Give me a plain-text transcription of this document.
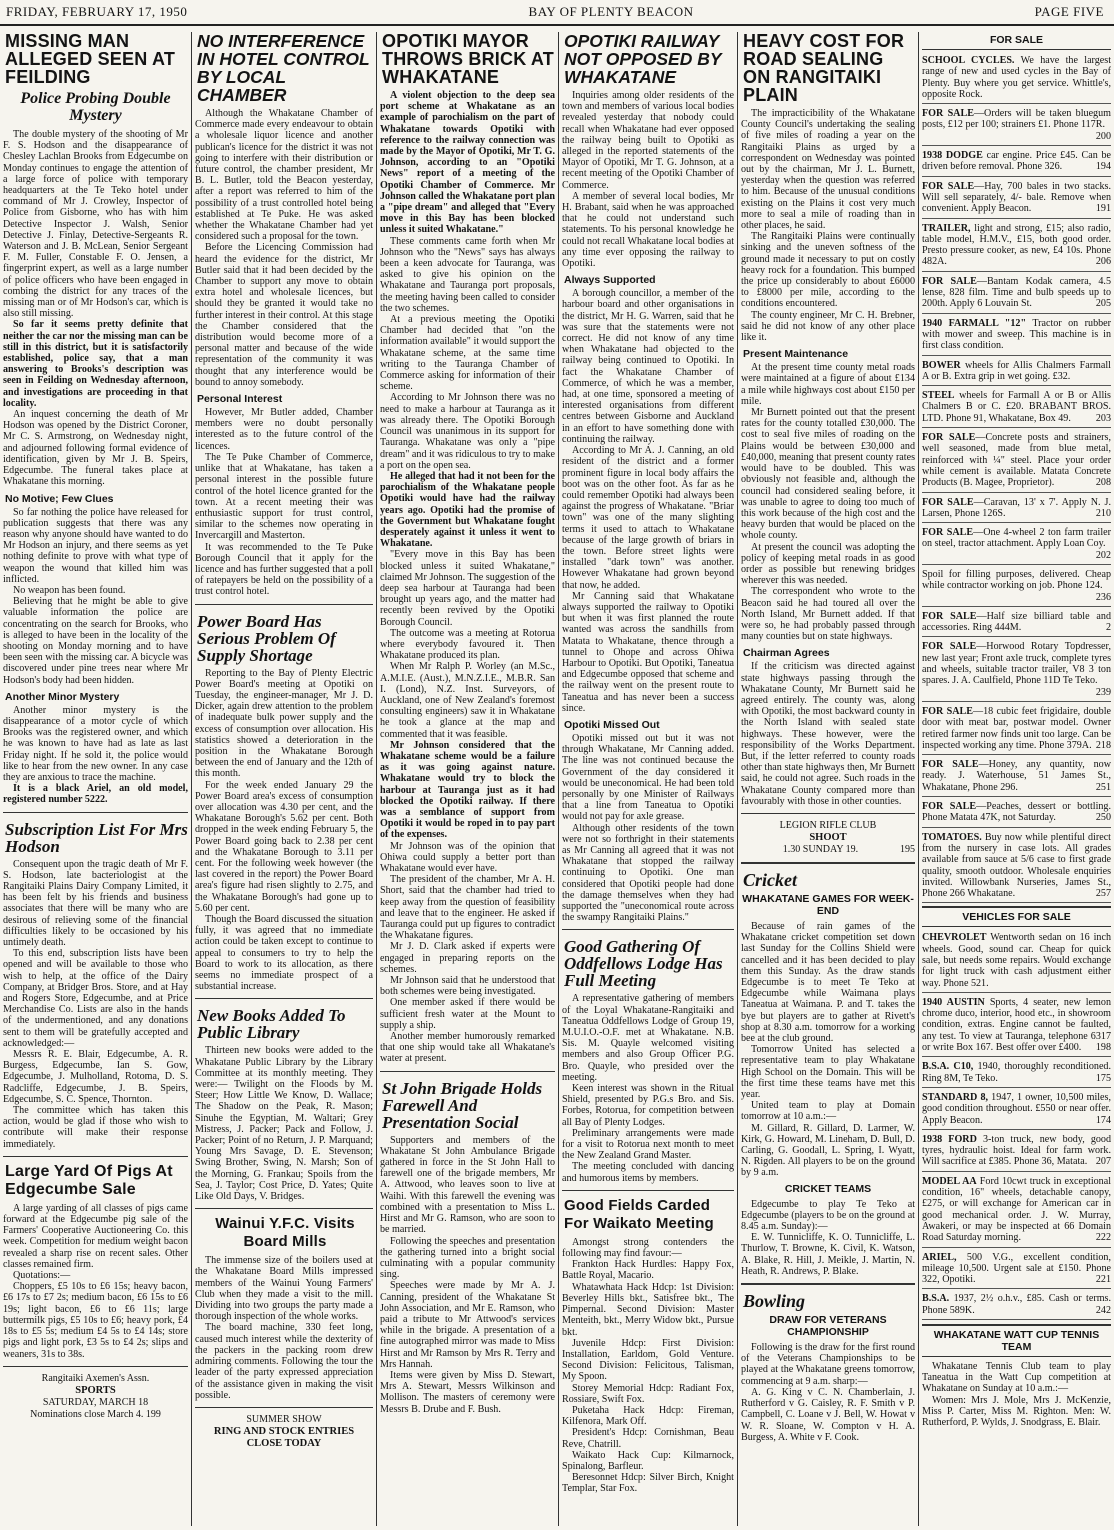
FRIDAY, FEBRUARY 17, 1950	BAY OF PLENTY BEACON	PAGE FIVE
MISSING MAN ALLEGED SEEN AT FEILDING
Police Probing Double Mystery

The double mystery of the shooting of Mr F. S. Hodson and the disappearance of Chesley Lachlan Brooks from Edgecumbe on Monday continues to engage the attention of a large force of police with temporary headquarters at the Te Teko hotel under command of Mr J. Crowley, Inspector of Police from Gisborne, who has with him Detective Inspector J. Walsh, Senior Detective J. Finlay, Detective-Sergeants R. Waterson and J. B. McLean, Senior Sergeant F. M. Fuller, Constable F. O. Jensen, a fingerprint expert, as well as a large number of police officers who have been engaged in combing the district for any traces of the missing man or of Mr Hodson's car, which is also still missing.

So far it seems pretty definite that neither the car nor the missing man can be still in this district, but it is satisfactorily established, police say, that a man answering to Brooks's description was seen in Feilding on Wednesday afternoon, and investigations are proceeding in that locality.

An inquest concerning the death of Mr Hodson was opened by the District Coroner, Mr C. S. Armstrong, on Wednesday night, and adjourned following formal evidence of identification, given by Mr J. B. Speirs, Edgecumbe. The funeral takes place at Whakatane this morning.

No Motive; Few Clues

So far nothing the police have released for publication suggests that there was any reason why anyone should have wanted to do Mr Hodson an injury, and there seems as yet nothing definite to prove with what type of weapon the wound that killed him was inflicted.

No weapon has been found.

Believing that he might be able to give valuable information the police are concentrating on the search for Brooks, who is alleged to have been in the locality of the shooting on Monday morning and to have been seen with the missing car. A bicycle was discovered under pine trees near where Mr Hodson's body had been hidden.

Another Minor Mystery

Another minor mystery is the disappearance of a motor cycle of which Brooks was the registered owner, and which he was known to have had as late as last Friday night. If he sold it, the police would like to hear from the new owner. In any case they are anxious to trace the machine.

It is a black Ariel, an old model, registered number 5222.

Subscription List For Mrs Hodson

Consequent upon the tragic death of Mr F. S. Hodson, late bacteriologist at the Rangitaiki Plains Dairy Company Limited, it has been felt by his friends and business associates that there will be many who are desirous of relieving some of the financial difficulties likely to be occasioned by his untimely death.

To this end, subscription lists have been opened and will be available to those who wish to help, at the office of the Dairy Company, at Bridger Bros. Store, and at Hay and Rogers Store, Edgecumbe, and at Price Merchandise Co. Lists are also in the hands of the undermentioned, and any donations sent to them will be gratefully accepted and acknowledged:—

Messrs R. E. Blair, Edgecumbe, A. R. Burgess, Edgecumbe, Ian S. Gow, Edgecumbe, J. Mulholland, Rotoma, D. S. Radcliffe, Edgecumbe, J. B. Speirs, Edgecumbe, S. C. Spence, Thornton.

The committee which has taken this action, would be glad if those who wish to contribute will make their response immediately.

Large Yard Of Pigs At Edgecumbe Sale

A large yarding of all classes of pigs came forward at the Edgecumbe pig sale of the Farmers' Cooperative Auctioneering Co. this week. Competition for medium weight bacon revealed a sharp rise on recent sales. Other classes remained firm.

Quotations:—

Choppers, £5 10s to £6 15s; heavy bacon, £6 17s to £7 2s; medium bacon, £6 15s to £6 19s; light bacon, £6 to £6 11s; large buttermilk pigs, £5 10s to £6; heavy pork, £4 18s to £5 5s; medium £4 5s to £4 14s; store pigs and light pork, £3 5s to £4 2s; slips and weaners, 31s to 38s.

Rangitaiki Axemen's Assn.
SPORTS
SATURDAY, MARCH 18
Nominations close March 4. 199
NO INTERFERENCE IN HOTEL CONTROL BY LOCAL CHAMBER

Although the Whakatane Chamber of Commerce made every endeavour to obtain a wholesale liquor licence and another publican's licence for the district it was not going to interfere with their distribution or future control, the chamber president, Mr B. L. Butler, told the Beacon yesterday, after a report was referred to him of the possibility of a trust controlled hotel being established at Te Puke. He was asked whether the Whakatane Chamber had yet considered such a proposal for the town.

Before the Licencing Commission had heard the evidence for the district, Mr Butler said that it had been decided by the Chamber to support any move to obtain extra hotel and wholesale licences, but should they be granted it would take no further interest in their control. At this stage the Chamber considered that the distribution would become more of a personal matter and because of the wide representation of the community it was thought that any interference would be bound to annoy somebody.

Personal Interest

However, Mr Butler added, Chamber members were no doubt personally interested as to the future control of the licences.

The Te Puke Chamber of Commerce, unlike that at Whakatane, has taken a personal interest in the possible future control of the hotel licence granted for the town. At a recent meeting their was enthusiastic support for trust control, similar to the schemes now operating in Invercargill and Masterton.

It was recommended to the Te Puke Borough Council that it apply for the licence and has further suggested that a poll of ratepayers be held on the possibility of a trust control hotel.

Power Board Has Serious Problem Of Supply Shortage

Reporting to the Bay of Plenty Electric Power Board's meeting at Opotiki on Tuesday, the engineer-manager, Mr J. D. Dicker, again drew attention to the problem of inadequate bulk power supply and the excess of consumption over allocation. His statistics showed a deterioration in the position in the Whakatane Borough between the end of January and the 12th of this month.

For the week ended January 29 the Power Board area's excess of consumption over allocation was 4.30 per cent, and the Whakatane Borough's 5.62 per cent. Both dropped in the week ending February 5, the Power Board going back to 2.38 per cent and the Whakatane Borough to 3.11 per cent. For the following week however (the last covered in the report) the Power Board area's figure had risen slightly to 2.75, and the Whakatane Borough's had gone up to 5.60 per cent.

Though the Board discussed the situation fully, it was agreed that no immediate action could be taken except to continue to appeal to consumers to try to help the Board to work to its allocation, as there seems no immediate prospect of a substantial increase.

New Books Added To Public Library

Thirteen new books were added to the Whakatane Public Library by the Library Committee at its monthly meeting. They were:— Twilight on the Floods by M. Steer; How Little We Know, D. Wallace; The Shadow on the Peak, R. Mason; Sinuhe the Egyptian, M. Waltari; Grey Mistress, J. Packer; Pack and Follow, J. Packer; Point of no Return, J. P. Marquand; Young Mrs Savage, D. E. Stevenson; Swing Brother, Swing, N. Marsh; Son of the Morning, G. Frankau; Spoils from the Sea, J. Taylor; Cost Price, D. Yates; Quite Like Old Days, V. Bridges.

Wainui Y.F.C. Visits Board Mills

The immense size of the boilers used at the Whakatane Board Mills impressed members of the Wainui Young Farmers' Club when they made a visit to the mill. Dividing into two groups the party made a thorough inspection of the whole works.

The board machine, 330 feet long, caused much interest while the dexterity of the packers in the packing room drew admiring comments. Following the tour the leader of the party expressed appreciation of the assistance given in making the visit possible.

SUMMER SHOW
RING AND STOCK ENTRIES
CLOSE TODAY
OPOTIKI MAYOR THROWS BRICK AT WHAKATANE

A violent objection to the deep sea port scheme at Whakatane as an example of parochialism on the part of Whakatane towards Opotiki with reference to the railway connection was made by the Mayor of Opotiki, Mr T. G. Johnson, according to an "Opotiki News" report of a meeting of the Opotiki Chamber of Commerce. Mr Johnson called the Whakatane port plan a "pipe dream" and alleged that "Every move in this Bay has been blocked unless it suited Whakatane."

These comments came forth when Mr Johnson who the "News" says has always been a keen advocate for Tauranga, was asked to give his opinion on the Whakatane and Tauranga port proposals, the meeting having been called to consider the two schemes.

At a previous meeting the Opotiki Chamber had decided that "on the information available" it would support the Whakatane scheme, at the same time writing to the Tauranga Chamber of Commerce asking for information of their scheme.

According to Mr Johnson there was no need to make a harbour at Tauranga as it was already there. The Opotiki Borough Council was unanimous in its support for Tauranga. Whakatane was only a "pipe dream" and it was ridiculous to try to make a port on the open sea.

He alleged that had it not been for the parochialism of the Whakatane people Opotiki would have had the railway years ago. Opotiki had the promise of the Government but Whakatane fought desperately against it unless it went to Whakatane.

"Every move in this Bay has been blocked unless it suited Whakatane," claimed Mr Johnson. The suggestion of the deep sea harbour at Tauranga had been brought up years ago, and the matter had recently been revived by the Opotiki Borough Council.

The outcome was a meeting at Rotorua where everybody favoured it. Then Whakatane produced its plan.

When Mr Ralph P. Worley (an M.Sc., A.M.I.E. (Aust.), M.N.Z.I.E., M.B.R. San I. (Lond), N.Z. Inst. Surveyors, of Auckland, one of New Zealand's foremost consulting engineers) saw it in Whakatane he took a glance at the map and commented that it was feasible.

Mr Johnson considered that the Whakatane scheme would be a failure as it was going against nature. Whakatane would try to block the harbour at Tauranga just as it had blocked the Opotiki railway. If there was a semblance of support from Opotiki it would be roped in to pay part of the expenses.

Mr Johnson was of the opinion that Ohiwa could supply a better port than Whakatane would ever have.

The president of the chamber, Mr A. H. Short, said that the chamber had tried to keep away from the question of feasibility and leave that to the engineer. He asked if Tauranga could put up figures to contradict the Whakatane figures.

Mr J. D. Clark asked if experts were engaged in preparing reports on the schemes.

Mr Johnson said that he understood that both schemes were being investigated.

One member asked if there would be sufficient fresh water at the Mount to supply a ship.

Another member humorously remarked that one ship would take all Whakatane's water at present.

St John Brigade Holds Farewell And Presentation Social

Supporters and members of the Whakatane St John Ambulance Brigade gathered in force in the St John Hall to farewell one of the brigade members, Mr A. Attwood, who leaves soon to live at Waihi. With this farewell the evening was combined with a presentation to Miss L. Hirst and Mr G. Ramson, who are soon to be married.

Following the speeches and presentation the gathering turned into a bright social culminating with a popular community sing.

Speeches were made by Mr A. J. Canning, president of the Whakatane St John Association, and Mr E. Ramson, who paid a tribute to Mr Attwood's services while in the brigade. A presentation of a fine autographed mirror was made to Miss Hirst and Mr Ramson by Mrs R. Terry and Mrs Hannah.

Items were given by Miss D. Stewart, Mrs A. Stewart, Messrs Wilkinson and Mollison. The masters of ceremony were Messrs B. Drube and F. Bush.

OPOTIKI RAILWAY NOT OPPOSED BY WHAKATANE

Inquiries among older residents of the town and members of various local bodies revealed yesterday that nobody could recall when Whakatane had ever opposed the railway being built to Opotiki as alleged in the reported statements of the Mayor of Opotiki, Mr T. G. Johnson, at a recent meeting of the Opotiki Chamber of Commerce.

A member of several local bodies, Mr H. Brabant, said when he was approached that he could not understand such statements. To his personal knowledge he could not recall Whakatane local bodies at any time ever opposing the railway to Opotiki.

Always Supported

A borough councillor, a member of the harbour board and other organisations in the district, Mr H. G. Warren, said that he was sure that the statements were not correct. He did not know of any time when Whakatane had objected to the railway being continued to Opotiki. In fact the Whakatane Chamber of Commerce, of which he was a member, had, at one time, sponsored a meeting of interested organisations from different centres between Gisborne and Auckland in an effort to have something done with continuing the railway.

According to Mr A. J. Canning, an old resident of the district and a former prominent figure in local body affairs the boot was on the other foot. As far as he could remember Opotiki had always been against the progress of Whakatane. "Briar town" was one of the many slighting terms it used to attach to Whakatane because of the large growth of briars in the town. Before street lights were installed "dark town" was another. However Whakatane had grown beyond that now, he added.

Mr Canning said that Whakatane always supported the railway to Opotiki but when it was first planned the route wanted was across the sandhills from Matata to Whakatane, thence through a tunnel to Ohope and across Ohiwa Harbour to Opotiki. But Opotiki, Taneatua and Edgecumbe opposed that scheme and the railway went on the present route to Taneatua and has never been a success since.

Opotiki Missed Out

Opotiki missed out but it was not through Whakatane, Mr Canning added. The line was not continued because the Government of the day considered it would be uneconomical. He had been told personally by one Minister of Railways that a line from Taneatua to Opotiki would not pay for axle grease.

Although other residents of the town were not so forthright in their statements as Mr Canning all agreed that it was not Whakatane that stopped the railway continuing to Opotiki. One man considered that Opotiki people had done the damage themselves when they had supported the "uneconomical route across the swampy Rangitaiki Plains."

Good Gathering Of Oddfellows Lodge Has Full Meeting

A representative gathering of members of the Loyal Whakatane-Rangitaiki and Taneatua Oddfellows Lodge of Group 19, M.U.I.O.-O.F. met at Whakatane. N.B. Sis. M. Quayle welcomed visiting members and also Group Officer P.G. Bro. Quayle, who presided over the meeting.

Keen interest was shown in the Ritual Shield, presented by P.G.s Bro. and Sis. Forbes, Rotorua, for competition between all Bay of Plenty Lodges.

Preliminary arrangements were made for a visit to Rotorua next month to meet the New Zealand Grand Master.

The meeting concluded with dancing and humorous items by members.

Good Fields Carded For Waikato Meeting

Amongst strong contenders the following may find favour:—

Frankton Hack Hurdles: Happy Fox, Battle Royal, Macario.

Whatawhata Hack Hdcp: 1st Division: Beverley Hills bkt., Satisfree bkt., The Pimpernal. Second Division: Master Menteith, bkt., Merry Widow bkt., Pursue bkt.

Juvenile Hdcp: First Division: Installation, Earldom, Gold Venture. Second Division: Felicitous, Talisman, My Spoon.

Storey Memorial Hdcp: Radiant Fox, Rossiare, Swift Fox.

Puketaha Hack Hdcp: Fireman, Kilfenora, Mark Off.

President's Hdcp: Cornishman, Beau Reve, Chatrill.

Waikato Hack Cup: Kilmarnock, Spinalong, Barfleur.

Beresonnet Hdcp: Silver Birch, Knight Templar, Star Fox.

HEAVY COST FOR ROAD SEALING ON RANGITAIKI PLAIN

The impracticibility of the Whakatane County Council's undertaking the sealing of five miles of roading a year on the Rangitaiki Plains as urged by a correspondent on Wednesday was pointed out by the chairman, Mr J. L. Burnett, yesterday when the question was referred to him. Because of the unusual conditions existing on the Plains it cost very much more to seal a mile of roading than in other places, he said.

The Rangitaiki Plains were continually sinking and the uneven softness of the ground made it necessary to put on costly heavy rock for a foundation. This bumped the price up considerably to about £6000 to £8000 per mile, according to the conditions encountered.

The county engineer, Mr C. H. Brebner, said he did not know of any other place like it.

Present Maintenance

At the present time county metal roads were maintained at a figure of about £134 a mile while highways cost about £150 per mile.

Mr Burnett pointed out that the present rates for the county totalled £30,000. The cost to seal five miles of roading on the Plains would be between £30,000 and £40,000, meaning that present county rates would have to be doubled. This was obviously not feasible and, although the council had considered sealing before, it was unable to agree to doing too much of this work because of the high cost and the heavy burden that would be placed on the whole county.

At present the council was adopting the policy of keeping metal roads in as good order as possible but renewing bridges wherever this was needed.

The correspondent who wrote to the Beacon said he had toured all over the North Island, Mr Burnett added. If that were so, he had probably passed through many counties but on state highways.

Chairman Agrees

If the criticism was directed against state highways passing through the Whakatane County, Mr Burnett said he agreed entirely. The county was, along with Opotiki, the most backward county in the North Island with sealed state highways. These however, were the responsibility of the Works Department. But, if the letter referred to county roads other than state highways then, Mr Burnett said, he could not agree. Such roads in the Whakatane County compared more than favourably with those in other counties.

LEGION RIFLE CLUB
SHOOT
1.30 SUNDAY 19.	195
Cricket
WHAKATANE GAMES FOR WEEK-END

Because of rain games of the Whakatane cricket competition set down last Sunday for the Collins Shield were cancelled and it has been decided to play them this Sunday. As the draw stands Edgecumbe is to meet Te Teko at Edgecumbe while Waimana plays Taneatua at Waimana. P. and T. takes the bye but players are to gather at Rivett's shop at 8.30 a.m. tomorrow for a working bee at the club ground.

Tomorrow United has selected a representative team to play Whakatane High School on the Domain. This will be the first time these teams have met this year.

United team to play at Domain tomorrow at 10 a.m.:—

M. Gillard, R. Gillard, D. Larmer, W. Kirk, G. Howard, M. Lineham, D. Bull, D. Carling, G. Goodall, L. Spring, I. Wyatt, N. Rigden. All players to be on the ground by 9 a.m.

CRICKET TEAMS

Edgecumbe to play Te Teko at Edgecumbe (players to be on the ground at 8.45 a.m. Sunday):—

E. W. Tunnicliffe, K. O. Tunnicliffe, L. Thurlow, T. Browne, K. Civil, K. Watson, A. Blake, R. Hill, J. Meikle, J. Martin, N. Heath, R. Andrews, P. Blake.

Bowling
DRAW FOR VETERANS CHAMPIONSHIP

Following is the draw for the first round of the Veterans Championships to be played at the Whakatane greens tomorrow, commencing at 9 a.m. sharp:—

A. G. King v C. N. Chamberlain, J. Rutherford v G. Caisley, R. F. Smith v P. Campbell, C. Loane v J. Bell, W. Howat v W. R. Sloane, W. Compton v H. A. Burgess, A. White v F. Cook.

FOR SALE
SCHOOL CYCLES. We have the largest range of new and used cycles in the Bay of Plenty. Buy where you get service. Whittle's, opposite Rock.
FOR SALE—Orders will be taken bluegum posts, £12 per 100; strainers £1. Phone 117R.
200
1938 DODGE car engine. Price £45. Can be driven before removal. Phone 326.	194
FOR SALE—Hay, 700 bales in two stacks. Will sell separately, 4/- bale. Remove when convenient. Apply Beacon.	191
TRAILER, light and strong, £15; also radio, table model, H.M.V., £15, both good order. Presto pressure cooker, as new, £4 10s. Phone 482A.	206
FOR SALE—Bantam Kodak camera, 4.5 lense, 828 film. Time and bulb speeds up to 200th. Apply 6 Louvain St.	205
1940 FARMALL "12" Tractor on rubber with mower and sweep. This machine is in first class condition.
BOWER wheels for Allis Chalmers Farmall A or B. Extra grip in wet going. £32.
STEEL wheels for Farmall A or B or Allis Chalmers B or C. £20. BRABANT BROS. LTD. Phone 91, Whakatane, Box 49. 203
FOR SALE—Concrete posts and strainers, well seasoned, made from blue metal, reinforced with ¼" steel. Place your order while cement is available. Matata Concrete Products (B. Magee, Proprietor).	208
FOR SALE—Caravan, 13' x 7'. Apply N. J. Larsen, Phone 126S.	210
FOR SALE—One 4-wheel 2 ton farm trailer on steel, tractor attachment. Apply Loan Coy.
202
Spoil for filling purposes, delivered. Cheap while contractor working on job. Phone 124.
236
FOR SALE—Half size billiard table and accessories. Ring 444M.	2
FOR SALE—Horwood Rotary Topdresser, new last year; Front axle truck, complete tyres and wheels, suitable tractor trailer, V8 3 ton spares. J. A. Caulfield, Phone 11D Te Teko.
239
FOR SALE—18 cubic feet frigidaire, double door with meat bar, postwar model. Owner retired farmer now finds unit too large. Can be inspected working any time. Phone 379A. 218
FOR SALE—Honey, any quantity, now ready. J. Waterhouse, 51 James St., Whakatane, Phone 296.	251
FOR SALE—Peaches, dessert or bottling. Phone Matata 47K, not Saturday.	250
TOMATOES. Buy now while plentiful direct from the nursery in case lots. All grades available from sauce at 5/6 case to first grade quality, smooth outdoor. Wholesale enquiries invited. Willowbank Nurseries, James St., Phone 266 Whakatane.	257
VEHICLES FOR SALE
CHEVROLET Wentworth sedan on 16 inch wheels. Good, sound car. Cheap for quick sale, but needs some repairs. Would exchange for light truck with cash adjustment either way. Phone 521.
1940 AUSTIN Sports, 4 seater, new lemon chrome duco, interior, hood etc., in showroom condition, extras. Engine cannot be faulted, any test. To view at Tauranga, telephone 6317 or write Box 167. Best offer over £400. 198
B.S.A. C10, 1940, thoroughly reconditioned. Ring 8M, Te Teko.	175
STANDARD 8, 1947, 1 owner, 10,500 miles, good condition throughout. £550 or near offer. Apply Beacon.	174
1938 FORD 3-ton truck, new body, good tyres, hydraulic hoist. Ideal for farm work. Will sacrifice at £385. Phone 36, Matata. 207
MODEL AA Ford 10cwt truck in exceptional condition, 16" wheels, detachable canopy, £275, or will exchange for American car in good mechanical order. J. W. Murray, Awakeri, or may be inspected at 66 Domain Road Saturday morning.	222
ARIEL, 500 V.G., excellent condition, mileage 10,500. Urgent sale at £150. Phone 322, Opotiki.	221
B.S.A. 1937, 2½ o.h.v., £85. Cash or terms. Phone 589K.	242
WHAKATANE WATT CUP TENNIS TEAM

Whakatane Tennis Club team to play Taneatua in the Watt Cup competition at Whakatane on Sunday at 10 a.m.:—

Women: Mrs J. Mole, Mrs J. McKenzie, Miss P. Carter, Miss M. Righton. Men: W. Rutherford, P. Wylds, J. Snodgrass, E. Blair.
